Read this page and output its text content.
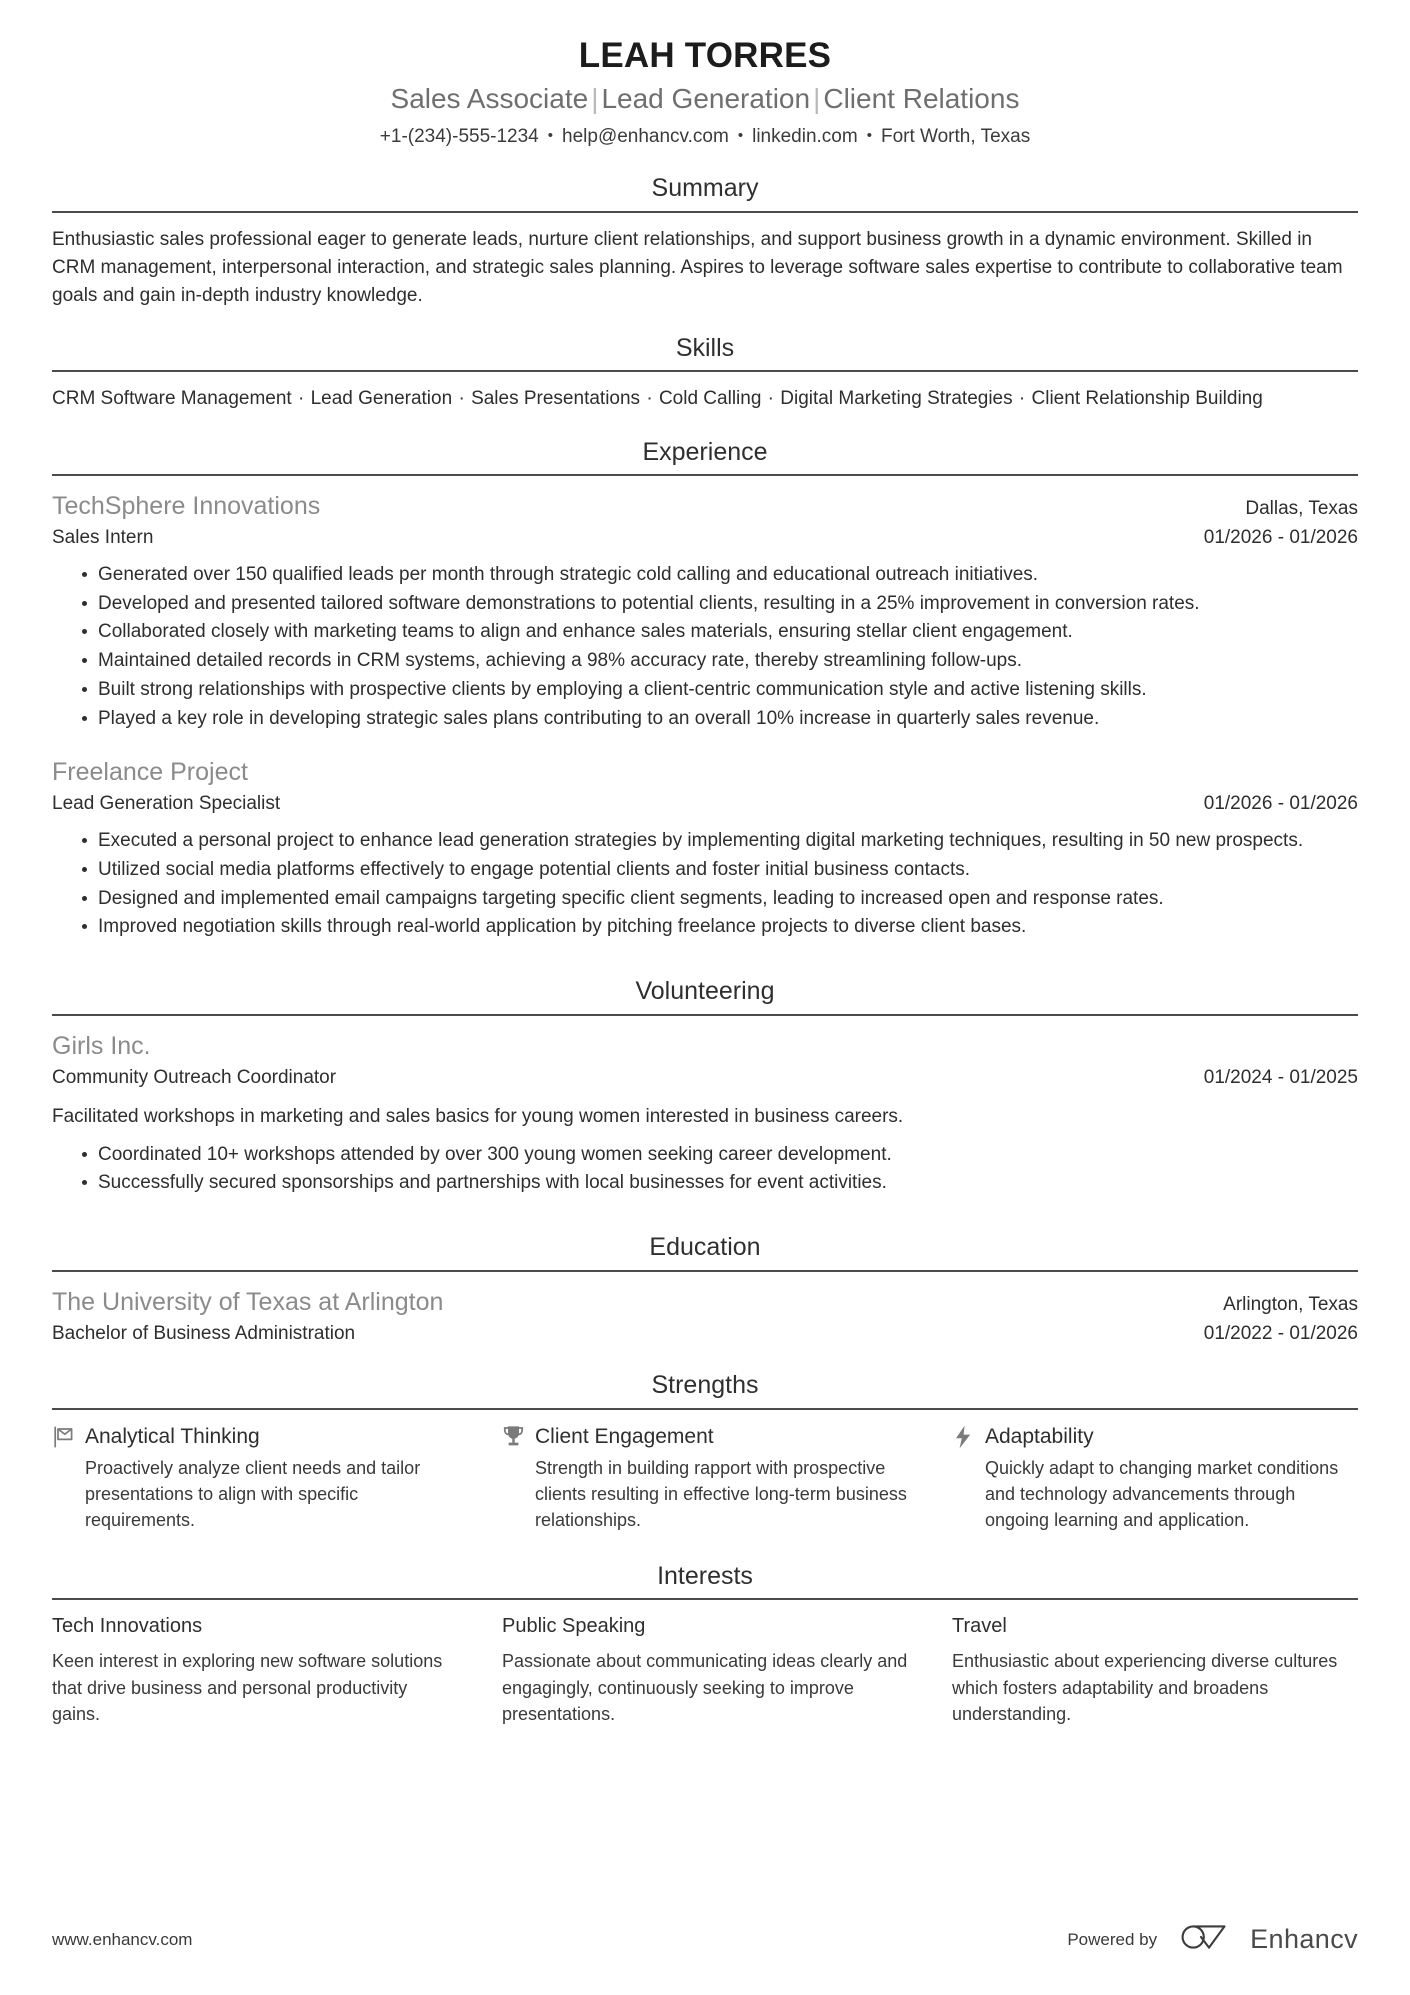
LEAH TORRES
Sales Associate | Lead Generation | Client Relations
+1-(234)-555-1234 • help@enhancv.com • linkedin.com • Fort Worth, Texas
Summary

Enthusiastic sales professional eager to generate leads, nurture client relationships, and support business growth in a dynamic environment. Skilled in CRM management, interpersonal interaction, and strategic sales planning. Aspires to leverage software sales expertise to contribute to collaborative team goals and gain in-depth industry knowledge.

Skills
CRM Software Management · Lead Generation · Sales Presentations · Cold Calling · Digital Marketing Strategies · Client Relationship Building
Experience
TechSphere Innovations	Dallas, Texas
Sales Intern	01/2026 - 01/2026
Generated over 150 qualified leads per month through strategic cold calling and educational outreach initiatives.
Developed and presented tailored software demonstrations to potential clients, resulting in a 25% improvement in conversion rates.
Collaborated closely with marketing teams to align and enhance sales materials, ensuring stellar client engagement.
Maintained detailed records in CRM systems, achieving a 98% accuracy rate, thereby streamlining follow-ups.
Built strong relationships with prospective clients by employing a client-centric communication style and active listening skills.
Played a key role in developing strategic sales plans contributing to an overall 10% increase in quarterly sales revenue.
Freelance Project
Lead Generation Specialist	01/2026 - 01/2026
Executed a personal project to enhance lead generation strategies by implementing digital marketing techniques, resulting in 50 new prospects.
Utilized social media platforms effectively to engage potential clients and foster initial business contacts.
Designed and implemented email campaigns targeting specific client segments, leading to increased open and response rates.
Improved negotiation skills through real-world application by pitching freelance projects to diverse client bases.
Volunteering
Girls Inc.
Community Outreach Coordinator	01/2024 - 01/2025
Facilitated workshops in marketing and sales basics for young women interested in business careers.
Coordinated 10+ workshops attended by over 300 young women seeking career development.
Successfully secured sponsorships and partnerships with local businesses for event activities.
Education
The University of Texas at Arlington	Arlington, Texas
Bachelor of Business Administration	01/2022 - 01/2026
Strengths
Analytical Thinking
Proactively analyze client needs and tailor presentations to align with specific requirements.
Client Engagement
Strength in building rapport with prospective clients resulting in effective long-term business relationships.
Adaptability
Quickly adapt to changing market conditions and technology advancements through ongoing learning and application.
Interests
Tech Innovations
Keen interest in exploring new software solutions that drive business and personal productivity gains.
Public Speaking
Passionate about communicating ideas clearly and engagingly, continuously seeking to improve presentations.
Travel
Enthusiastic about experiencing diverse cultures which fosters adaptability and broadens understanding.
www.enhancv.com	Powered by	Enhancv
